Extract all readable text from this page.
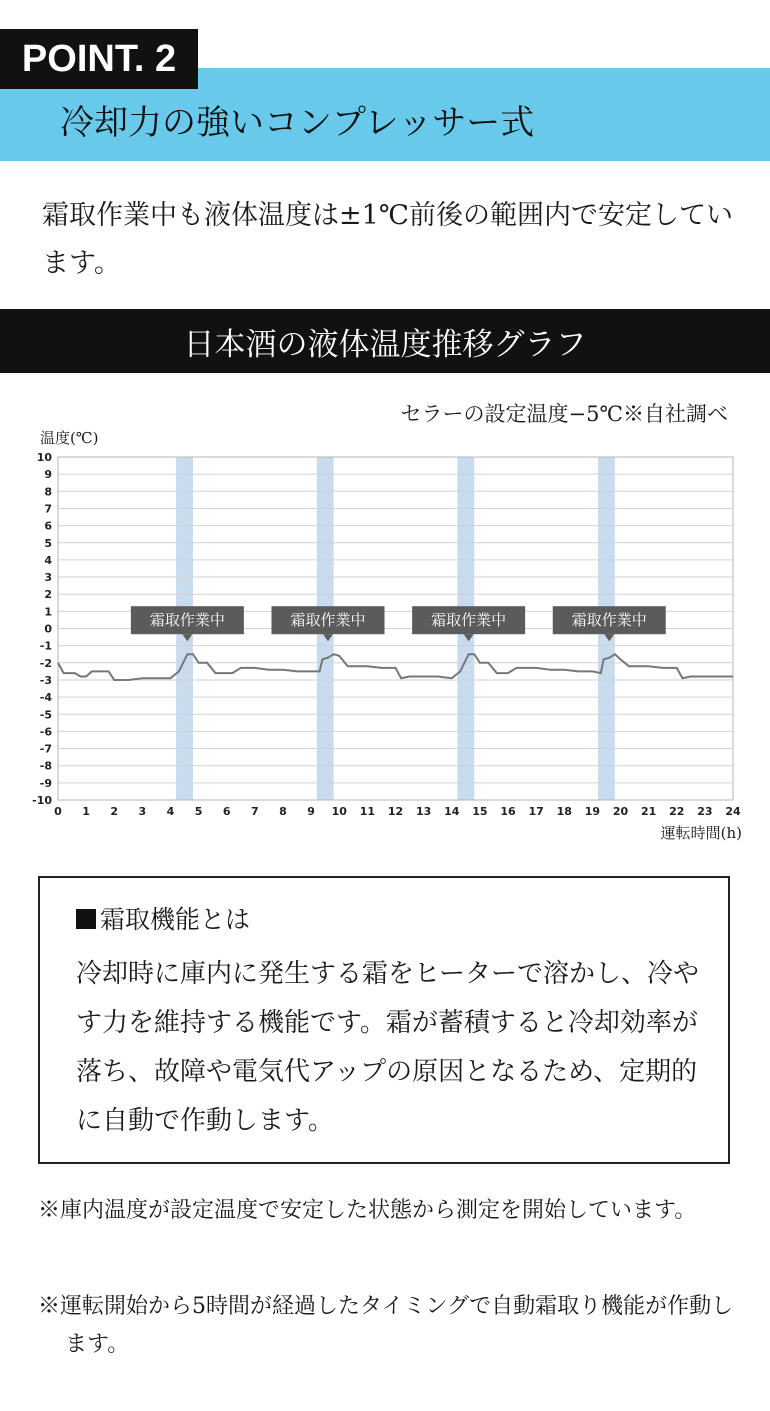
POINT. 2
冷却力の強いコンプレッサー式
霜取作業中も液体温度は±1℃前後の範囲内で安定しています。
日本酒の液体温度推移グラフ
セラーの設定温度−5℃※自社調べ
温度(℃)
運転時間(h)
10
9
8
7
6
5
4
3
2
1
0
-1
-2
-3
-4
-5
-6
-7
-8
-9
-10
0 1 2 3 4 5 6 7 8 9 10 11 12 13 14 15 16 17 18 19 20 21 22 23 24
霜取作業中	霜取作業中	霜取作業中	霜取作業中
霜取機能とは
冷却時に庫内に発生する霜をヒーターで溶かし、冷やす力を維持する機能です。霜が蓄積すると冷却効率が落ち、故障や電気代アップの原因となるため、定期的に自動で作動します。
※庫内温度が設定温度で安定した状態から測定を開始しています。
※運転開始から5時間が経過したタイミングで自動霜取り機能が作動します。
